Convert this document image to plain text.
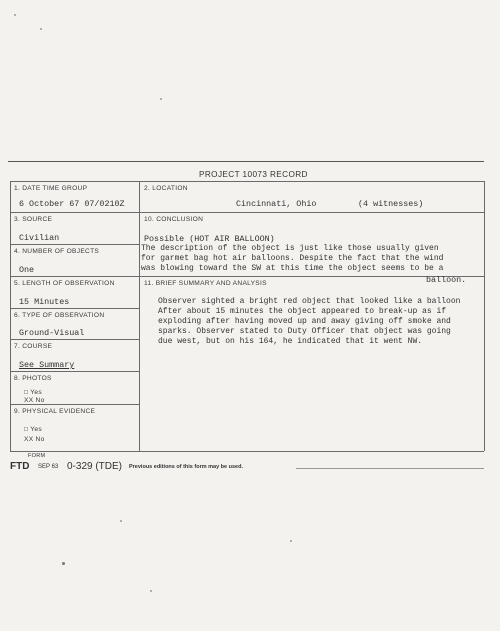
PROJECT 10073 RECORD
1. DATE TIME GROUP
6 October 67 07/0210Z
2. LOCATION
Cincinnati, Ohio	(4 witnesses)
3. SOURCE
Civilian
4. NUMBER OF OBJECTS
One
5. LENGTH OF OBSERVATION
15 Minutes
6. TYPE OF OBSERVATION
Ground-Visual
7. COURSE
See Summary
8. PHOTOS
□ Yes
XX No
9. PHYSICAL EVIDENCE
□ Yes
XX No
10. CONCLUSION
Possible (HOT AIR BALLOON)
The description of the object is just like those usually given
for garmet bag hot air balloons. Despite the fact that the wind
was blowing toward the SW at this time the object seems to be a
balloon.
11. BRIEF SUMMARY AND ANALYSIS
Observer sighted a bright red object that looked like a balloon
After about 15 minutes the object appeared to break-up as if
exploding after having moved up and away giving off smoke and
sparks. Observer stated to Duty Officer that object was going
due west, but on his 164, he indicated that it went NW.
FORM
FTD SEP 63 0-329 (TDE) Previous editions of this form may be used.
